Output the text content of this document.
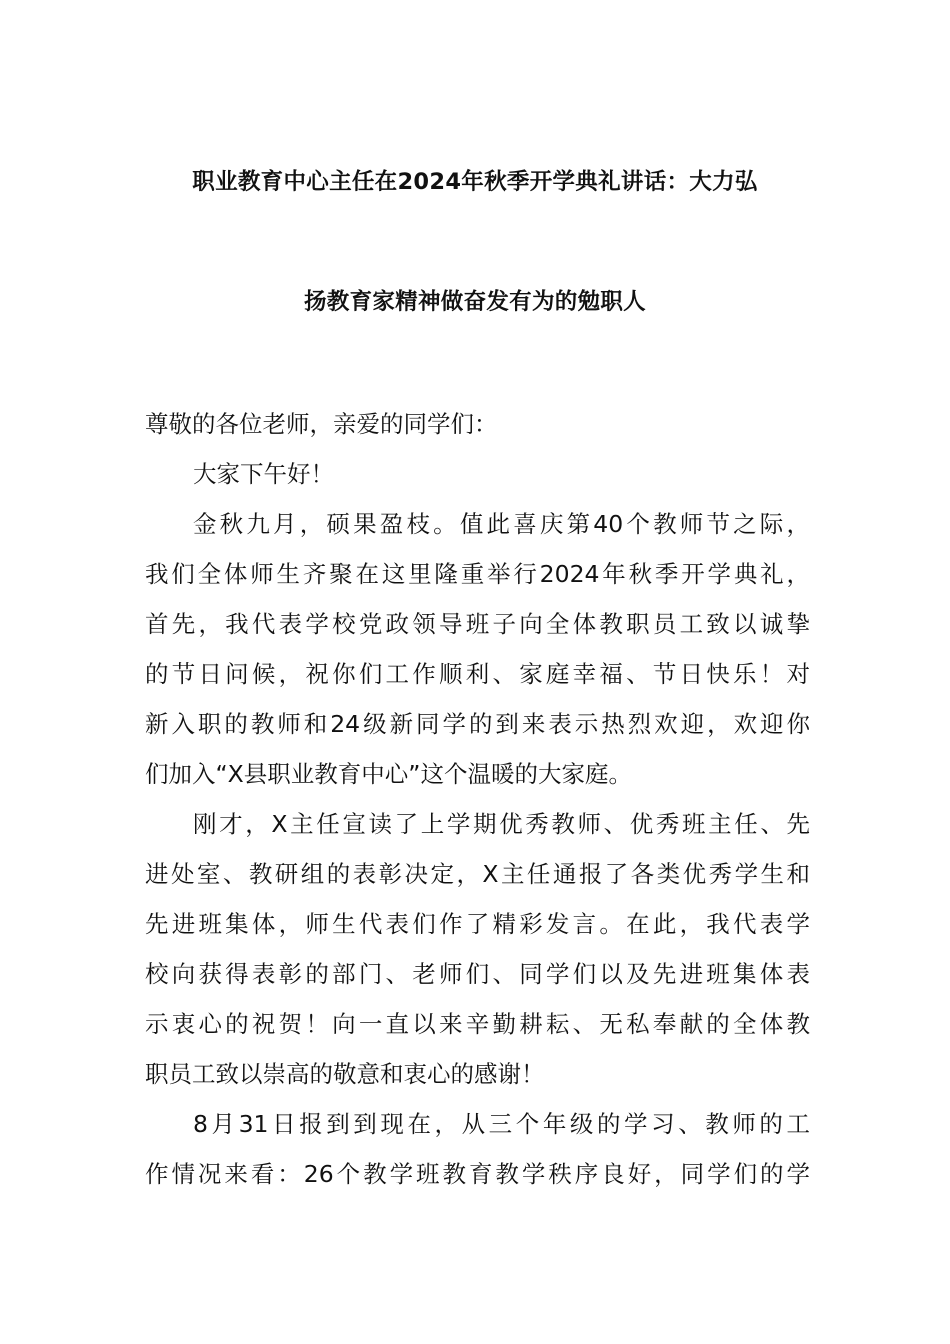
职业教育中心主任在2024年秋季开学典礼讲话：大力弘
扬教育家精神做奋发有为的勉职人
尊敬的各位老师，亲爱的同学们：
大家下午好！
金秋九月，硕果盈枝。值此喜庆第40个教师节之际，
我们全体师生齐聚在这里隆重举行2024年秋季开学典礼，
首先，我代表学校党政领导班子向全体教职员工致以诚挚
的节日问候，祝你们工作顺利、家庭幸福、节日快乐！对
新入职的教师和24级新同学的到来表示热烈欢迎，欢迎你
们加入“X县职业教育中心”这个温暖的大家庭。
刚才，X主任宣读了上学期优秀教师、优秀班主任、先
进处室、教研组的表彰决定，X主任通报了各类优秀学生和
先进班集体，师生代表们作了精彩发言。在此，我代表学
校向获得表彰的部门、老师们、同学们以及先进班集体表
示衷心的祝贺！向一直以来辛勤耕耘、无私奉献的全体教
职员工致以崇高的敬意和衷心的感谢！
8月31日报到到现在，从三个年级的学习、教师的工
作情况来看：26个教学班教育教学秩序良好，同学们的学
